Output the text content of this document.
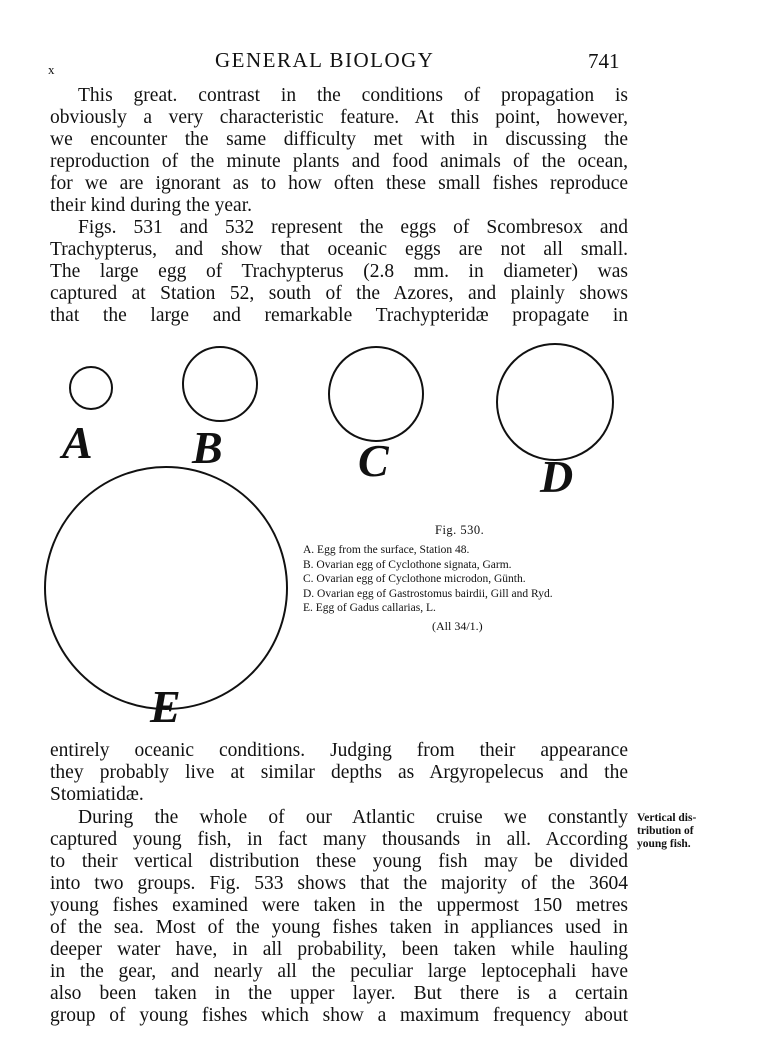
x	GENERAL BIOLOGY	741
This great. contrast in the conditions of propagation is
obviously a very characteristic feature. At this point, however,
we encounter the same difficulty met with in discussing the
reproduction of the minute plants and food animals of the ocean,
for we are ignorant as to how often these small fishes reproduce
their kind during the year.
Figs. 531 and 532 represent the eggs of Scombresox and
Trachypterus, and show that oceanic eggs are not all small.
The large egg of Trachypterus (2.8 mm. in diameter) was
captured at Station 52, south of the Azores, and plainly shows
that the large and remarkable Trachypteridæ propagate in
A B	C	D
E
Fig. 530.
A. Egg from the surface, Station 48.
B. Ovarian egg of Cyclothone signata, Garm.
C. Ovarian egg of Cyclothone microdon, Günth.
D. Ovarian egg of Gastrostomus bairdii, Gill and Ryd.
E. Egg of Gadus callarias, L.
(All 34/1.)
entirely oceanic conditions. Judging from their appearance
they probably live at similar depths as Argyropelecus and the
Stomiatidæ.
Vertical dis-
tribution of
young fish.
During the whole of our Atlantic cruise we constantly
captured young fish, in fact many thousands in all. According
to their vertical distribution these young fish may be divided
into two groups. Fig. 533 shows that the majority of the 3604
young fishes examined were taken in the uppermost 150 metres
of the sea. Most of the young fishes taken in appliances used in
deeper water have, in all probability, been taken while hauling
in the gear, and nearly all the peculiar large leptocephali have
also been taken in the upper layer. But there is a certain
group of young fishes which show a maximum frequency about
